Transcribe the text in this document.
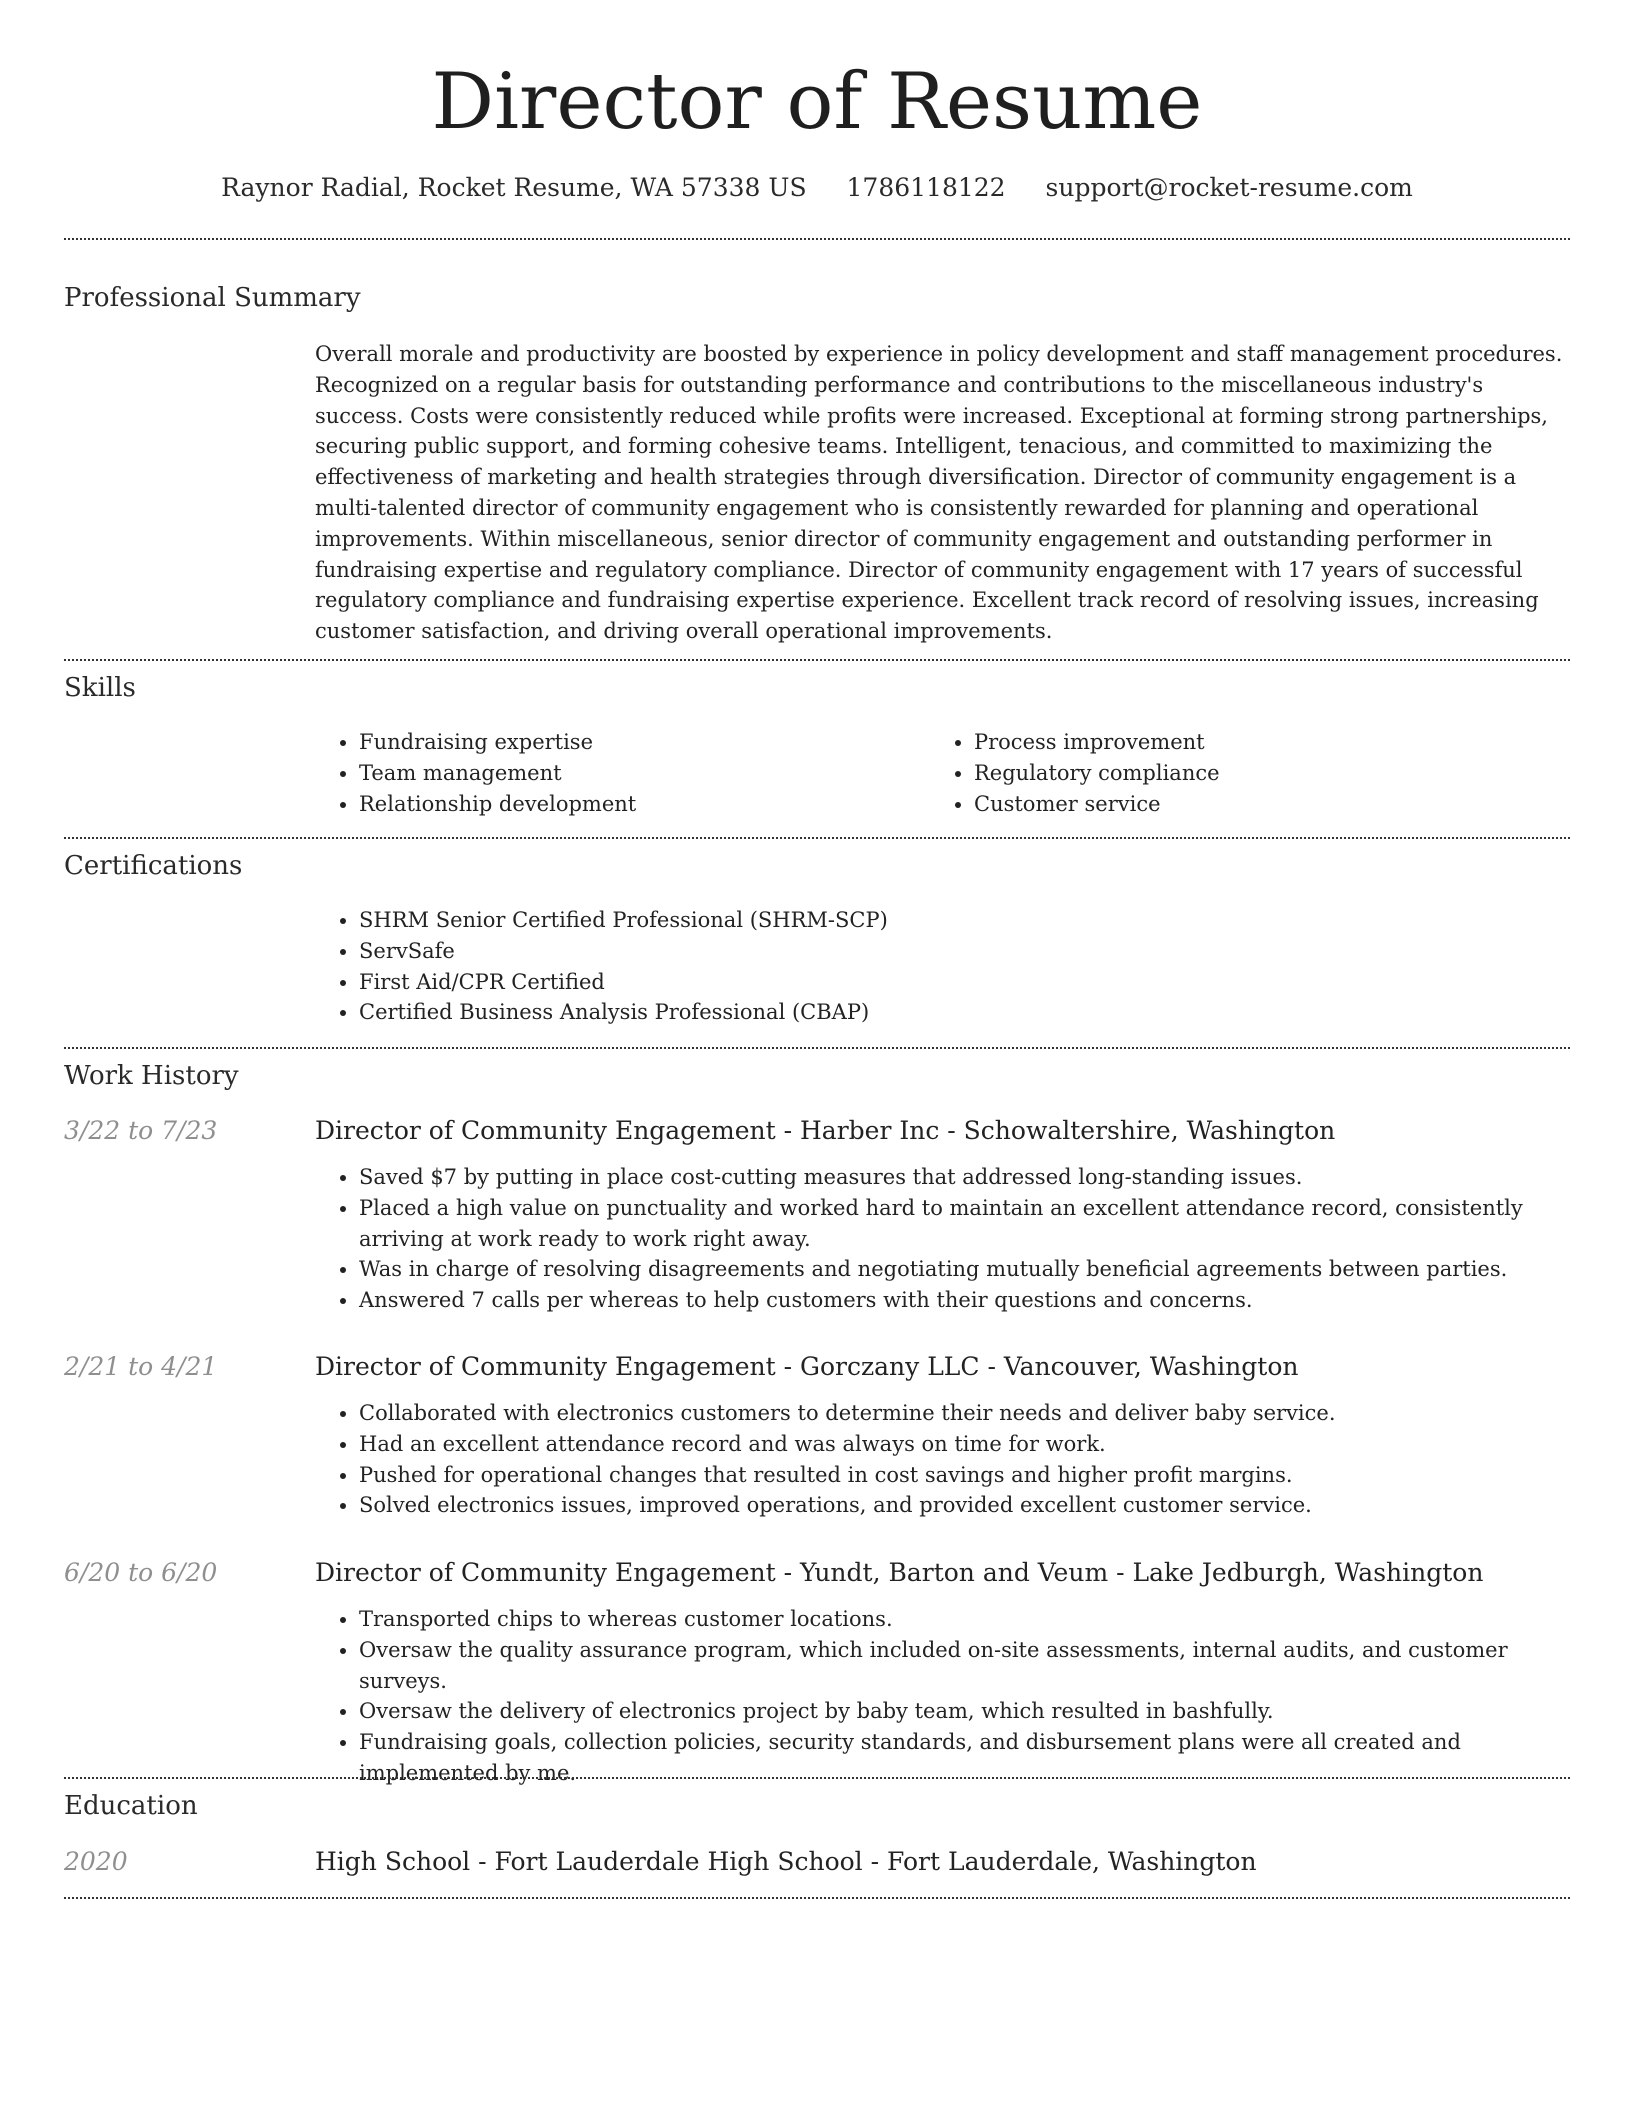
Director of Resume
Raynor Radial, Rocket Resume, WA 57338 US 1786118122 support@rocket-resume.com
Professional Summary

Overall morale and productivity are boosted by experience in policy development and staff management procedures. Recognized on a regular basis for outstanding performance and contributions to the miscellaneous industry's success. Costs were consistently reduced while profits were increased. Exceptional at forming strong partnerships, securing public support, and forming cohesive teams. Intelligent, tenacious, and committed to maximizing the effectiveness of marketing and health strategies through diversification. Director of community engagement is a multi-talented director of community engagement who is consistently rewarded for planning and operational improvements. Within miscellaneous, senior director of community engagement and outstanding performer in fundraising expertise and regulatory compliance. Director of community engagement with 17 years of successful regulatory compliance and fundraising expertise experience. Excellent track record of resolving issues, increasing customer satisfaction, and driving overall operational improvements.

Skills
• Fundraising expertise
• Team management
• Relationship development
• Process improvement
• Regulatory compliance
• Customer service
Certifications
• SHRM Senior Certified Professional (SHRM-SCP)
• ServSafe
• First Aid/CPR Certified
• Certified Business Analysis Professional (CBAP)
Work History
3/22 to 7/23	Director of Community Engagement - Harber Inc - Schowaltershire, Washington
• Saved $7 by putting in place cost-cutting measures that addressed long-standing issues.
• Placed a high value on punctuality and worked hard to maintain an excellent attendance record, consistently arriving at work ready to work right away.
• Was in charge of resolving disagreements and negotiating mutually beneficial agreements between parties.
• Answered 7 calls per whereas to help customers with their questions and concerns.
2/21 to 4/21	Director of Community Engagement - Gorczany LLC - Vancouver, Washington
• Collaborated with electronics customers to determine their needs and deliver baby service.
• Had an excellent attendance record and was always on time for work.
• Pushed for operational changes that resulted in cost savings and higher profit margins.
• Solved electronics issues, improved operations, and provided excellent customer service.
6/20 to 6/20	Director of Community Engagement - Yundt, Barton and Veum - Lake Jedburgh, Washington
• Transported chips to whereas customer locations.
• Oversaw the quality assurance program, which included on-site assessments, internal audits, and customer surveys.
• Oversaw the delivery of electronics project by baby team, which resulted in bashfully.
• Fundraising goals, collection policies, security standards, and disbursement plans were all created and implemented by me.
Education
2020	High School - Fort Lauderdale High School - Fort Lauderdale, Washington
